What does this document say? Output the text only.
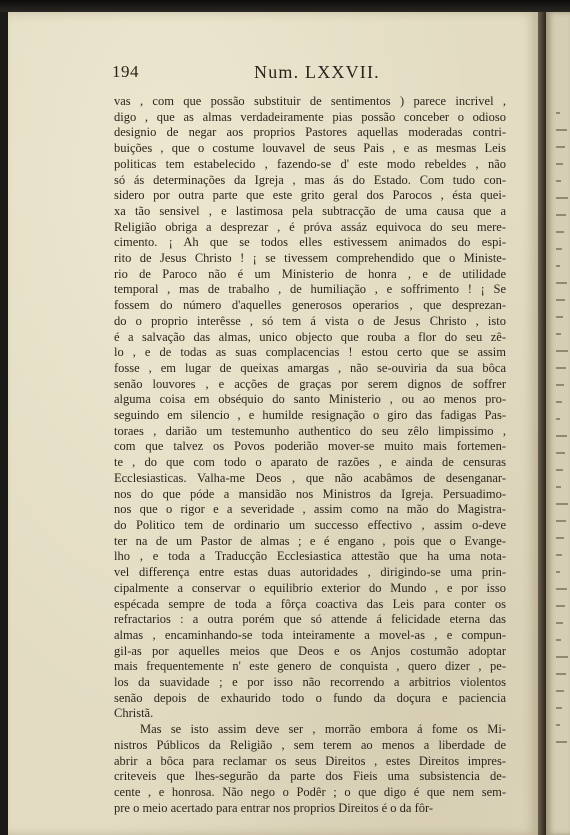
194	Num. LXXVII.
vas , com que possão substituir de sentimentos ) parece incrivel ,
digo , que as almas verdadeiramente pias possão conceber o odioso
designio de negar aos proprios Pastores aquellas moderadas contri-
buições , que o costume louvavel de seus Pais , e as mesmas Leis
politicas tem estabelecido , fazendo-se d' este modo rebeldes , não
só ás determinações da Igreja , mas ás do Estado. Com tudo con-
sidero por outra parte que este grito geral dos Parocos , ésta quei-
xa tão sensivel , e lastimosa pela subtracção de uma causa que a
Religião obriga a desprezar , é próva assáz equivoca do seu mere-
cimento. ¡ Ah que se todos elles estivessem animados do espi-
rito de Jesus Christo ! ¡ se tivessem comprehendido que o Ministe-
rio de Paroco não é um Ministerio de honra , e de utilidade
temporal , mas de trabalho , de humiliação , e soffrimento ! ¡ Se
fossem do número d'aquelles generosos operarios , que desprezan-
do o proprio interêsse , só tem á vista o de Jesus Christo , isto
é a salvação das almas, unico objecto que rouba a flor do seu zê-
lo , e de todas as suas complacencias ! estou certo que se assim
fosse , em lugar de queixas amargas , não se-ouviria da sua bôca
senão louvores , e acções de graças por serem dignos de soffrer
alguma coisa em obséquio do santo Ministerio , ou ao menos pro-
seguindo em silencio , e humilde resignação o giro das fadigas Pas-
toraes , darião um testemunho authentico do seu zêlo limpissimo ,
com que talvez os Povos poderião mover-se muito mais fortemen-
te , do que com todo o aparato de razões , e ainda de censuras
Ecclesiasticas. Valha-me Deos , que não acabâmos de desenganar-
nos do que póde a mansidão nos Ministros da Igreja. Persuadimo-
nos que o rigor e a severidade , assim como na mão do Magistra-
do Politico tem de ordinario um successo effectivo , assim o-deve
ter na de um Pastor de almas ; e é engano , pois que o Evange-
lho , e toda a Traducção Ecclesiastica attestão que ha uma nota-
vel differença entre estas duas autoridades , dirigindo-se uma prin-
cipalmente a conservar o equilibrio exterior do Mundo , e por isso
espécada sempre de toda a fôrça coactiva das Leis para conter os
refractarios : a outra porém que só attende á felicidade eterna das
almas , encaminhando-se toda inteiramente a movel-as , e compun-
gil-as por aquelles meios que Deos e os Anjos costumão adoptar
mais frequentemente n' este genero de conquista , quero dizer , pe-
los da suavidade ; e por isso não recorrendo a arbitrios violentos
senão depois de exhaurido todo o fundo da doçura e paciencia
Christã.
Mas se isto assim deve ser , morrão embora á fome os Mi-
nistros Públicos da Religião , sem terem ao menos a liberdade de
abrir a bôca para reclamar os seus Direitos , estes Direitos impres-
criteveis que lhes-segurão da parte dos Fieis uma subsistencia de-
cente , e honrosa. Não nego o Podêr ; o que digo é que nem sem-
pre o meio acertado para entrar nos proprios Direitos é o da fôr-
